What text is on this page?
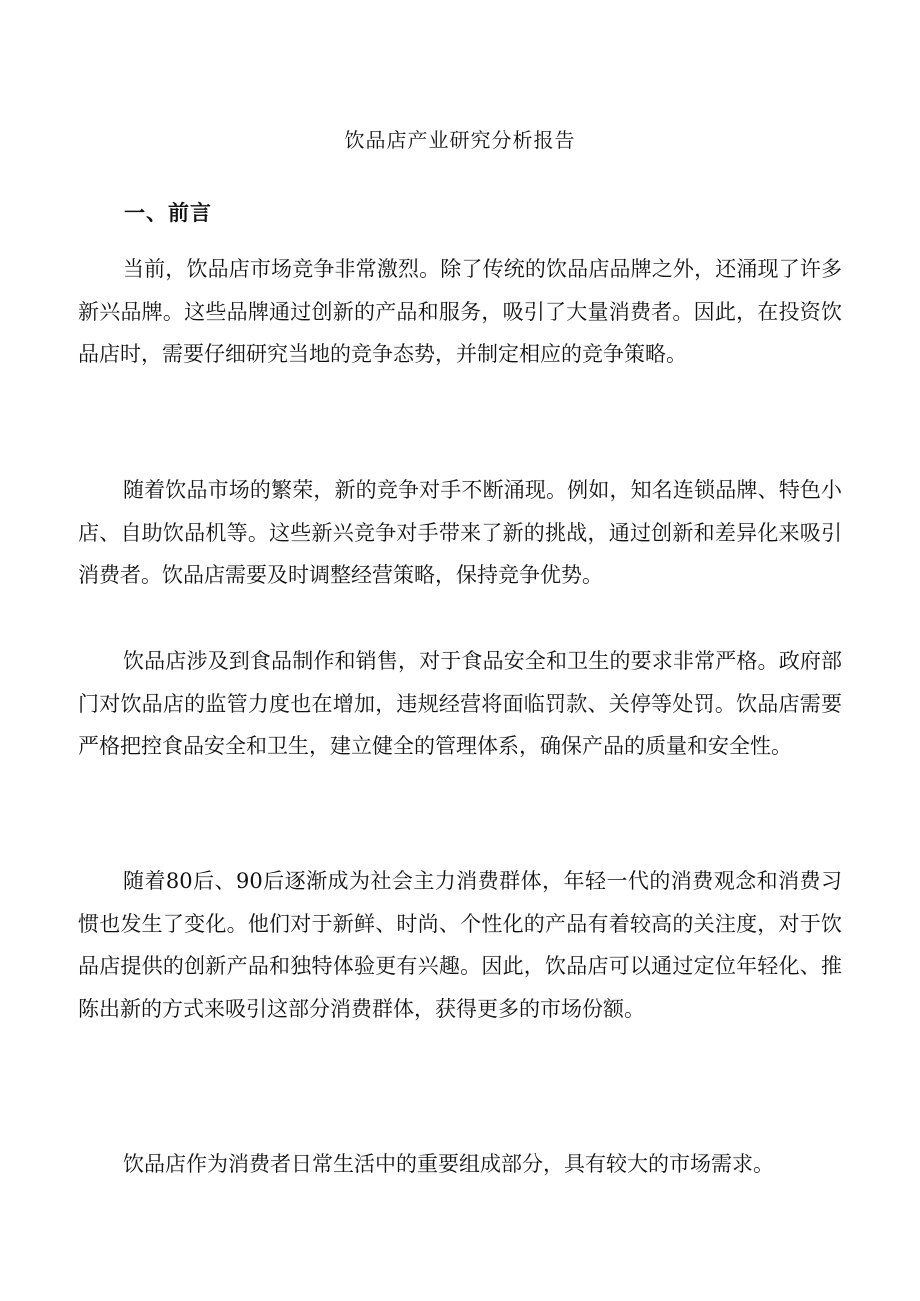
饮品店产业研究分析报告
一、前言

当前，饮品店市场竞争非常激烈。除了传统的饮品店品牌之外，还涌现了许多新兴品牌。这些品牌通过创新的产品和服务，吸引了大量消费者。因此，在投资饮品店时，需要仔细研究当地的竞争态势，并制定相应的竞争策略。

随着饮品市场的繁荣，新的竞争对手不断涌现。例如，知名连锁品牌、特色小店、自助饮品机等。这些新兴竞争对手带来了新的挑战，通过创新和差异化来吸引消费者。饮品店需要及时调整经营策略，保持竞争优势。

饮品店涉及到食品制作和销售，对于食品安全和卫生的要求非常严格。政府部门对饮品店的监管力度也在增加，违规经营将面临罚款、关停等处罚。饮品店需要严格把控食品安全和卫生，建立健全的管理体系，确保产品的质量和安全性。

随着80后、90后逐渐成为社会主力消费群体，年轻一代的消费观念和消费习惯也发生了变化。他们对于新鲜、时尚、个性化的产品有着较高的关注度，对于饮品店提供的创新产品和独特体验更有兴趣。因此，饮品店可以通过定位年轻化、推陈出新的方式来吸引这部分消费群体，获得更多的市场份额。

饮品店作为消费者日常生活中的重要组成部分，具有较大的市场需求。
